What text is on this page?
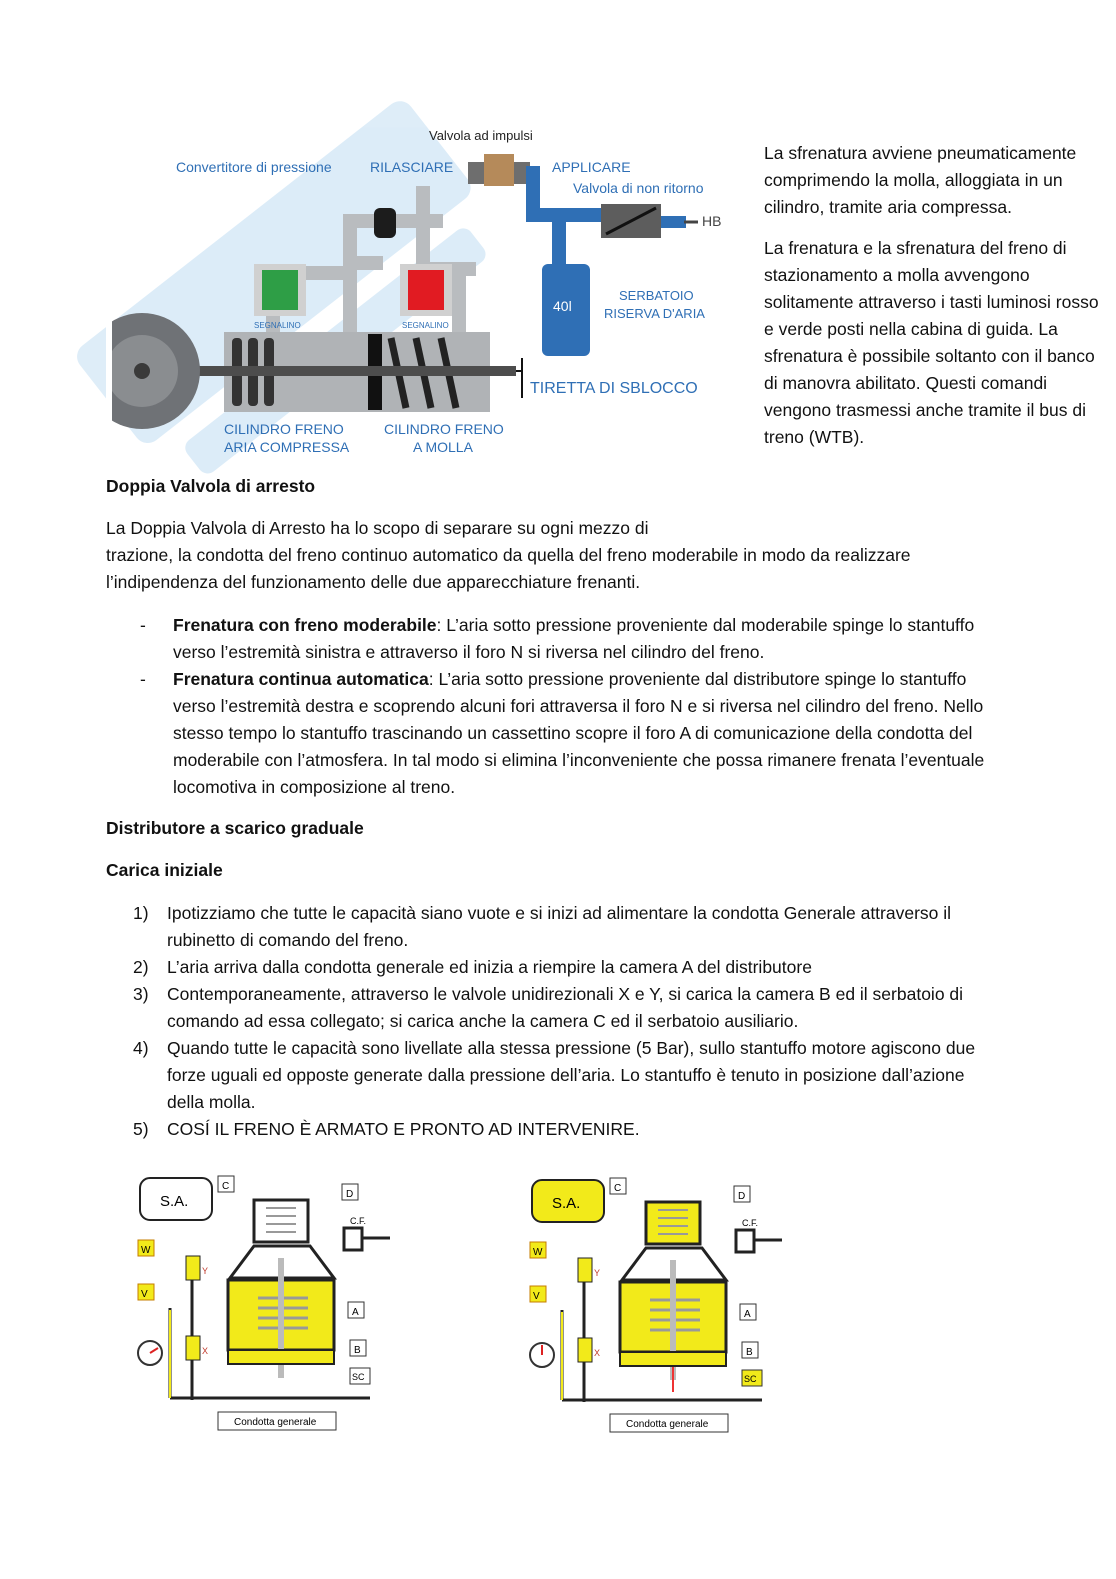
HB
40l
SERBATOIO
RISERVA D'ARIA
SEGNALINO	SEGNALINO
Valvola ad impulsi
Convertitore di pressione	RILASCIARE	APPLICARE
Valvola di non ritorno
TIRETTA DI SBLOCCO
CILINDRO FRENO
ARIA COMPRESSA
CILINDRO FRENO
A MOLLA

La sfrenatura avviene pneumaticamente comprimendo la molla, alloggiata in un cilindro, tramite aria compressa.

La frenatura e la sfrenatura del freno di stazionamento a molla avvengono solitamente attraverso i tasti luminosi rosso e verde posti nella cabina di guida. La sfrenatura è possibile soltanto con il banco di manovra abilitato. Questi comandi vengono trasmessi anche tramite il bus di treno (WTB).

Doppia Valvola di arresto
La Doppia Valvola di Arresto ha lo scopo di separare su ogni mezzo di
trazione, la condotta del freno continuo automatico da quella del freno moderabile in modo da realizzare
l’indipendenza del funzionamento delle due apparecchiature frenanti.
- Frenatura con freno moderabile: L’aria sotto pressione proveniente dal moderabile spinge lo stantuffo verso l’estremità sinistra e attraverso il foro N si riversa nel cilindro del freno.
- Frenatura continua automatica: L’aria sotto pressione proveniente dal distributore spinge lo stantuffo verso l’estremità destra e scoprendo alcuni fori attraversa il foro N e si riversa nel cilindro del freno. Nello stesso tempo lo stantuffo trascinando un cassettino scopre il foro A di comunicazione della condotta del moderabile con l’atmosfera. In tal modo si elimina l’inconveniente che possa rimanere frenata l’eventuale locomotiva in composizione al treno.
Distributore a scarico graduale
Carica iniziale
1) Ipotizziamo che tutte le capacità siano vuote e si inizi ad alimentare la condotta Generale attraverso il rubinetto di comando del freno.
2) L’aria arriva dalla condotta generale ed inizia a riempire la camera A del distributore
3) Contemporaneamente, attraverso le valvole unidirezionali X e Y, si carica la camera B ed il serbatoio di comando ad essa collegato; si carica anche la camera C ed il serbatoio ausiliario.
4) Quando tutte le capacità sono livellate alla stessa pressione (5 Bar), sullo stantuffo motore agiscono due forze uguali ed opposte generate dalla pressione dell’aria. Lo stantuffo è tenuto in posizione dall’azione della molla.
5) COSÍ IL FRENO È ARMATO E PRONTO AD INTERVENIRE.
S.A.
C
D
C.F.
W
V
Y
X
A
B
SC
Condotta generale
S.A.
C
D
C.F.
W
V
Y
X
A
B
SC
Condotta generale
